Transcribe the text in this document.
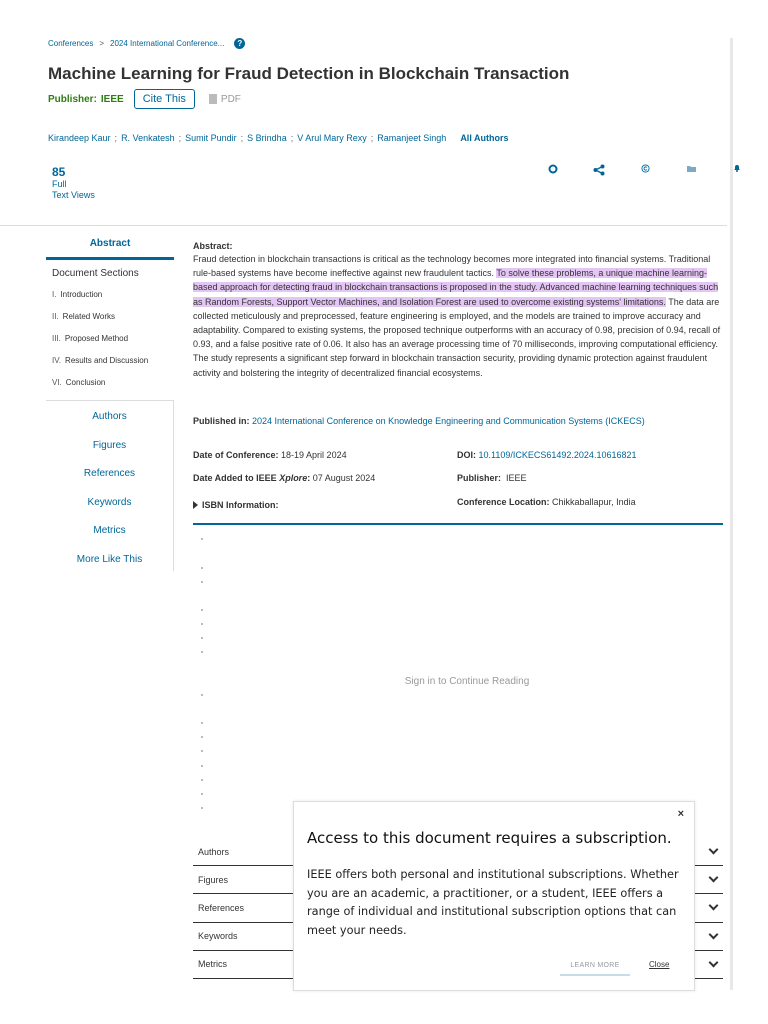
Conferences > 2024 International Conference...	?
Machine Learning for Fraud Detection in Blockchain Transaction
Publisher: IEEE	Cite This	PDF
Kirandeep Kaur ; R. Venkatesh ; Sumit Pundir ; S Brindha ; V Arul Mary Rexy ; Ramanjeet Singh All Authors
85
Full
Text Views
Abstract
Document Sections
I. Introduction
II. Related Works
III. Proposed Method
IV. Results and Discussion
VI. Conclusion
Authors
Figures
References
Keywords
Metrics
More Like This
Abstract:

Fraud detection in blockchain transactions is critical as the technology becomes more integrated into financial systems. Traditional rule-based systems have become ineffective against new fraudulent tactics. To solve these problems, a unique machine learning-based approach for detecting fraud in blockchain transactions is proposed in the study. Advanced machine learning techniques such as Random Forests, Support Vector Machines, and Isolation Forest are used to overcome existing systems' limitations. The data are collected meticulously and preprocessed, feature engineering is employed, and the models are trained to improve accuracy and adaptability. Compared to existing systems, the proposed technique outperforms with an accuracy of 0.98, precision of 0.94, recall of 0.93, and a false positive rate of 0.06. It also has an average processing time of 70 milliseconds, improving computational efficiency. The study represents a significant step forward in blockchain transaction security, providing dynamic protection against fraudulent activity and bolstering the integrity of decentralized financial ecosystems.

Published in: 2024 International Conference on Knowledge Engineering and Communication Systems (ICKECS)
Date of Conference: 18-19 April 2024
Date Added to IEEE Xplore: 07 August 2024
ISBN Information:
DOI: 10.1109/ICKECS61492.2024.10616821
Publisher: IEEE
Conference Location: Chikkaballapur, India
Sign in to Continue Reading
Authors
Figures
References
Keywords
Metrics
×
Access to this document requires a subscription.
IEEE offers both personal and institutional subscriptions. Whether you are an academic, a practitioner, or a student, IEEE offers a range of individual and institutional subscription options that can meet your needs.
LEARN MORE	Close
